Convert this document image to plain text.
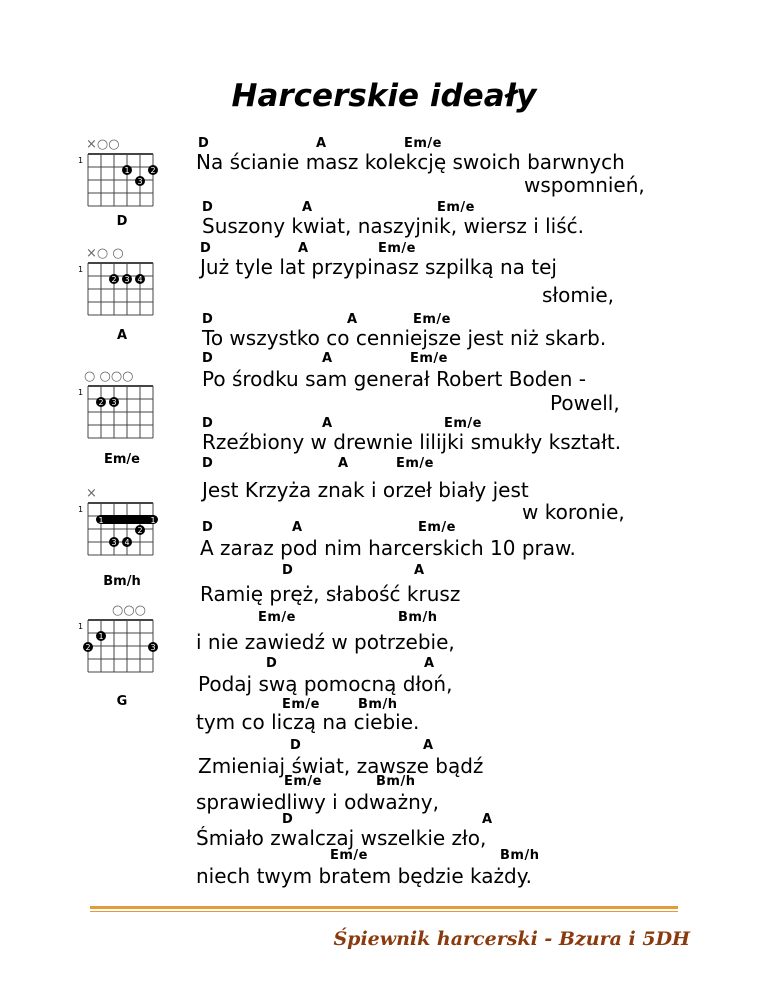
Harcerskie ideały
×○○
1
1	2
3
D
×○ ○
1
2 3 4
A
○ ○○○
1
2 3
Em/e
×
1
1	1
2
3 4
Bm/h
○○○
1
1
2	3
G
D	A	Em/e
Na ścianie masz kolekcję swoich barwnych
wspomnień,
D	A	Em/e
Suszony kwiat, naszyjnik, wiersz i liść.
D	A	Em/e
Już tyle lat przypinasz szpilką na tej
słomie,
D	A	Em/e
To wszystko co cenniejsze jest niż skarb.
D	A	Em/e
Po środku sam generał Robert Boden -
Powell,
D	A	Em/e
Rzeźbiony w drewnie lilijki smukły kształt.
D	A	Em/e
Jest Krzyża znak i orzeł biały jest
w koronie,
D	A	Em/e
A zaraz pod nim harcerskich 10 praw.
D	A
Ramię pręż, słabość krusz
Em/e	Bm/h
i nie zawiedź w potrzebie,
D	A
Podaj swą pomocną dłoń,
Em/e	Bm/h
tym co liczą na ciebie.
D	A
Zmieniaj świat, zawsze bądź
Em/e	Bm/h
sprawiedliwy i odważny,
D	A
Śmiało zwalczaj wszelkie zło,
Em/e	Bm/h
niech twym bratem będzie każdy.
Śpiewnik harcerski - Bzura i 5DH
